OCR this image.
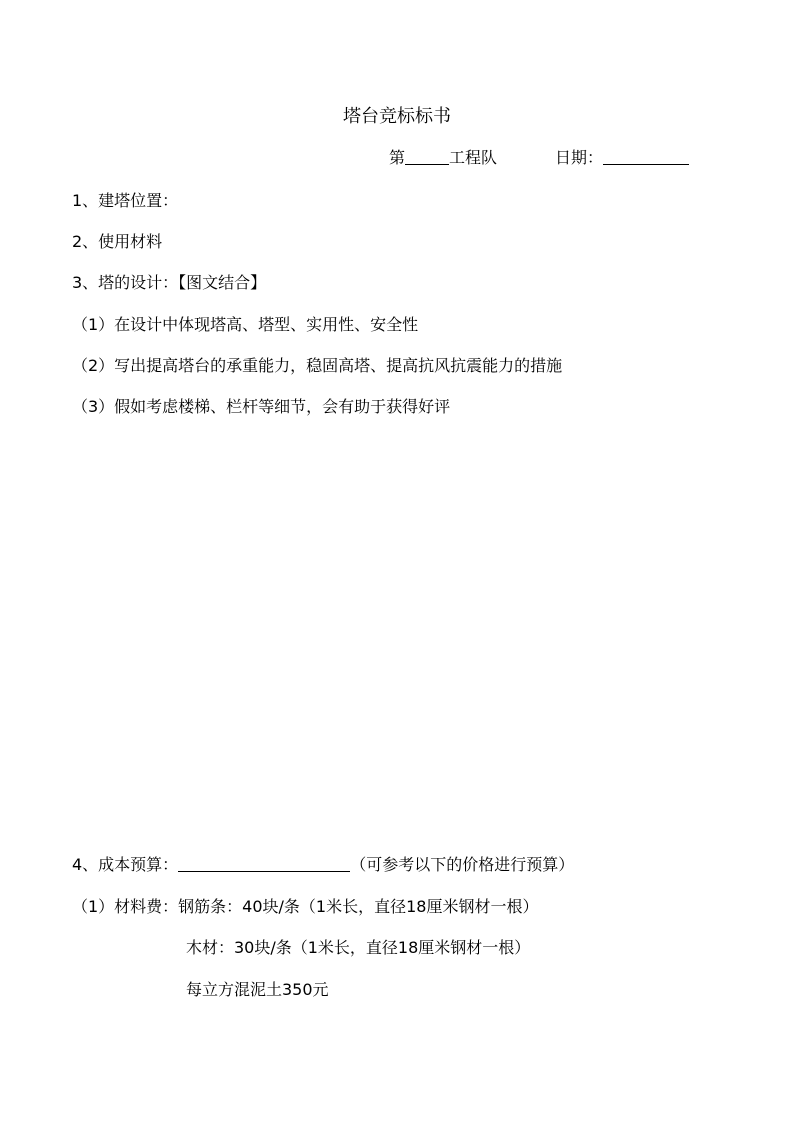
塔台竞标标书
第	工程队	日期：
1、建塔位置：
2、使用材料
3、塔的设计：【图文结合】
（1）在设计中体现塔高、塔型、实用性、安全性
（2）写出提高塔台的承重能力，稳固高塔、提高抗风抗震能力的措施
（3）假如考虑楼梯、栏杆等细节，会有助于获得好评
4、成本预算：	（可参考以下的价格进行预算）
（1）材料费：钢筋条：40块/条（1米长，直径18厘米钢材一根）
木材：30块/条（1米长，直径18厘米钢材一根）
每立方混泥土350元
